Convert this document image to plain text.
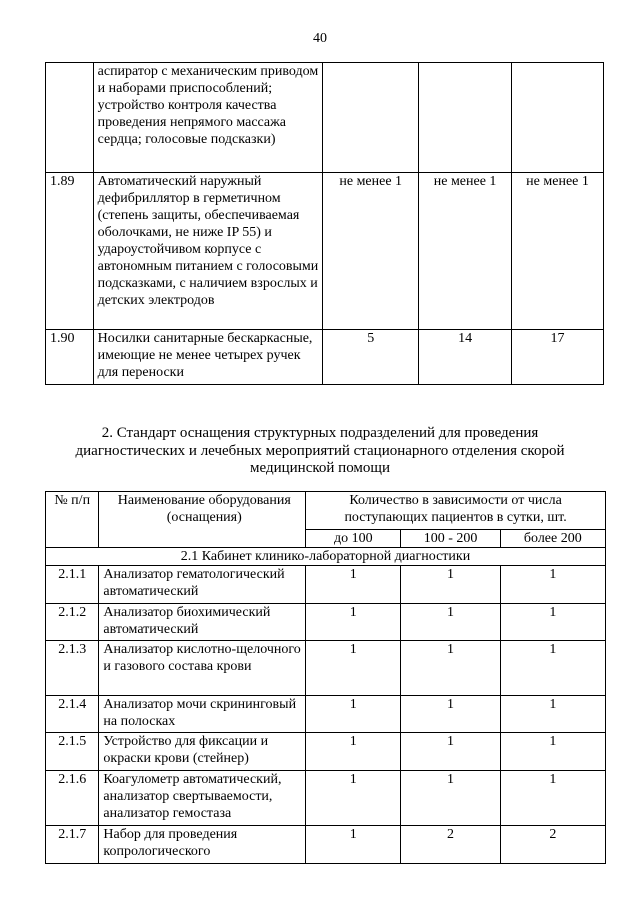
40
	аспиратор с механическим приводом и наборами приспособлений; устройство контроля качества проведения непрямого массажа сердца; голосовые подсказки)			
1.89	Автоматический наружный дефибриллятор в герметичном (степень защиты, обеспечиваемая оболочками, не ниже IP 55) и удароустойчивом корпусе с автономным питанием с голосовыми подсказками, с наличием взрослых и детских электродов	не менее 1	не менее 1	не менее 1
1.90	Носилки санитарные бескаркасные, имеющие не менее четырех ручек для переноски	5	14	17
2. Стандарт оснащения структурных подразделений для проведения диагностических и лечебных мероприятий стационарного отделения скорой медицинской помощи
№ п/п	Наименование оборудования (оснащения)	Количество в зависимости от числа поступающих пациентов в сутки, шт.		
		до 100	100 - 200	более 200
2.1 Кабинет клинико-лабораторной диагностики				
2.1.1	Анализатор гематологический автоматический	1	1	1
2.1.2	Анализатор биохимический автоматический	1	1	1
2.1.3	Анализатор кислотно-щелочного и газового состава крови	1	1	1
2.1.4	Анализатор мочи скрининговый на полосках	1	1	1
2.1.5	Устройство для фиксации и окраски крови (стейнер)	1	1	1
2.1.6	Коагулометр автоматический, анализатор свертываемости, анализатор гемостаза	1	1	1
2.1.7	Набор для проведения копрологического	1	2	2
